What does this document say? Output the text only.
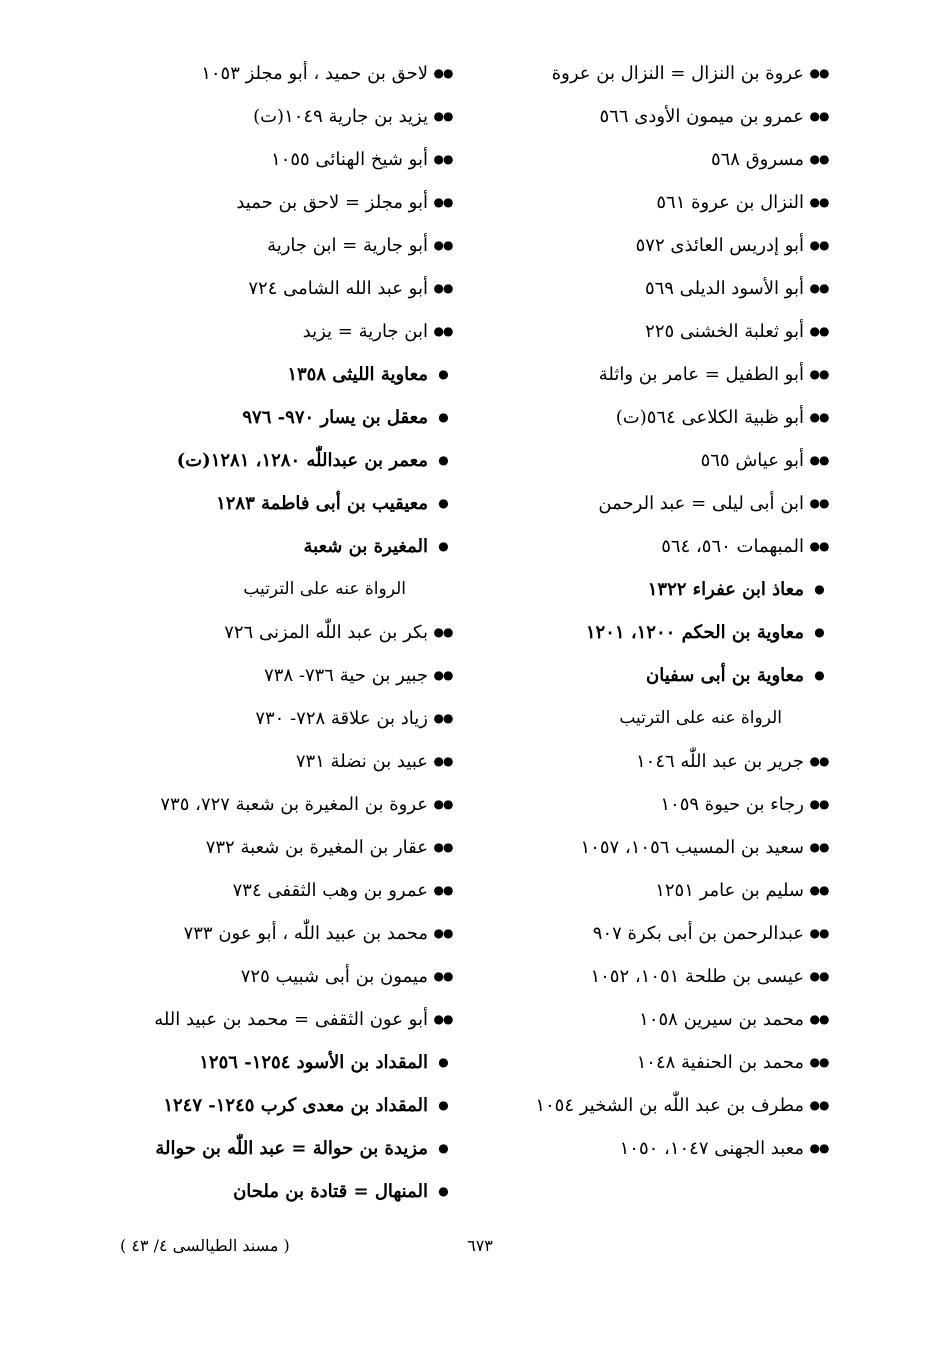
●●
عروة بن النزال = النزال بن عروة
●●
عمرو بن ميمون الأودى ٥٦٦
●●
مسروق ٥٦٨
●●
النزال بن عروة ٥٦١
●●
أبو إدريس العائذى ٥٧٢
●●
أبو الأسود الديلى ٥٦٩
●●
أبو ثعلبة الخشنى ٢٢٥
●●
أبو الطفيل = عامر بن واثلة
●●
أبو ظبية الكلاعى ٥٦٤(ت)
●●
أبو عياش ٥٦٥
●●
ابن أبى ليلى = عبد الرحمن
●●
المبهمات ٥٦٠، ٥٦٤
●
معاذ ابن عفراء ١٣٢٢
●
معاوية بن الحكم ١٢٠٠، ١٢٠١
●
معاوية بن أبى سفيان
الرواة عنه على الترتيب
●●
جرير بن عبد اللّٰه ١٠٤٦
●●
رجاء بن حيوة ١٠٥٩
●●
سعيد بن المسيب ١٠٥٦، ١٠٥٧
●●
سليم بن عامر ١٢٥١
●●
عبدالرحمن بن أبى بكرة ٩٠٧
●●
عيسى بن طلحة ١٠٥١، ١٠٥٢
●●
محمد بن سيرين ١٠٥٨
●●
محمد بن الحنفية ١٠٤٨
●●
مطرف بن عبد اللّٰه بن الشخير ١٠٥٤
●●
معبد الجهنى ١٠٤٧، ١٠٥٠
●●
لاحق بن حميد ، أبو مجلز ١٠٥٣
●●
يزيد بن جارية ١٠٤٩(ت)
●●
أبو شيخ الهنائى ١٠٥٥
●●
أبو مجلز = لاحق بن حميد
●●
أبو جارية = ابن جارية
●●
أبو عبد الله الشامى ٧٢٤
●●
ابن جارية = يزيد
●
معاوية الليثى ١٣٥٨
●
معقل بن يسار ٩٧٠- ٩٧٦
●
معمر بن عبداللّٰه ١٢٨٠، ١٢٨١(ت)
●
معيقيب بن أبى فاطمة ١٢٨٣
●
المغيرة بن شعبة
الرواة عنه على الترتيب
●●
بكر بن عبد اللّٰه المزنى ٧٢٦
●●
جبير بن حية ٧٣٦- ٧٣٨
●●
زياد بن علاقة ٧٢٨- ٧٣٠
●●
عبيد بن نضلة ٧٣١
●●
عروة بن المغيرة بن شعبة ٧٢٧، ٧٣٥
●●
عقار بن المغيرة بن شعبة ٧٣٢
●●
عمرو بن وهب الثقفى ٧٣٤
●●
محمد بن عبيد اللّٰه ، أبو عون ٧٣٣
●●
ميمون بن أبى شبيب ٧٢٥
●●
أبو عون الثقفى = محمد بن عبيد الله
●
المقداد بن الأسود ١٢٥٤- ١٢٥٦
●
المقداد بن معدى كرب ١٢٤٥- ١٢٤٧
●
مزيدة بن حوالة = عبد اللّٰه بن حوالة
●
المنهال = قتادة بن ملحان
٦٧٣
( مسند الطيالسى ٤/ ٤٣ )
